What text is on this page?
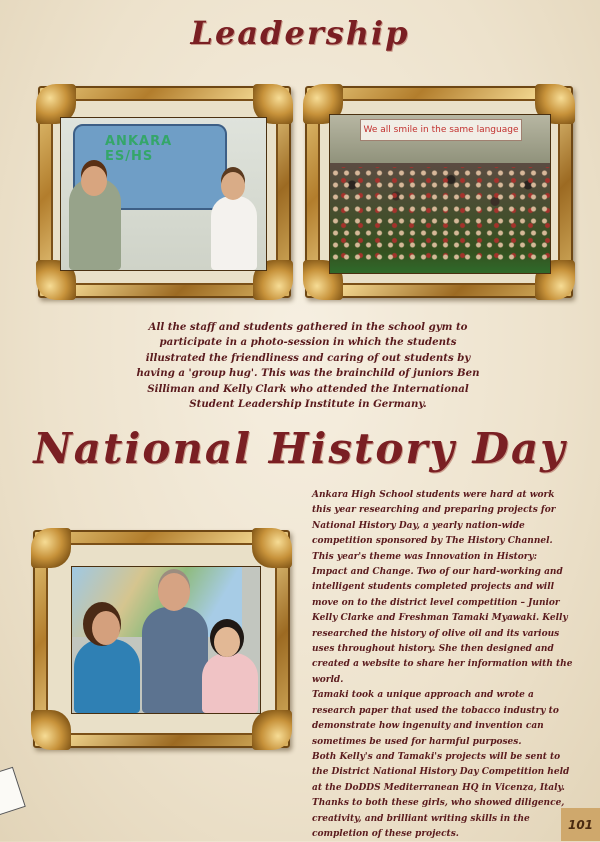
Leadership
ANKARA ES/HS
We all smile in the same language
All the staff and students gathered in the school gym to participate in a photo-session in which the students illustrated the friendliness and caring of out students by having a 'group hug'. This was the brainchild of juniors Ben Silliman and Kelly Clark who attended the International Student Leadership Institute in Germany.
National History Day

Ankara High School students were hard at work this year researching and preparing projects for National History Day, a yearly nation-wide competition sponsored by The History Channel. This year's theme was Innovation in History: Impact and Change. Two of our hard-working and intelligent students completed projects and will move on to the district level competition – Junior Kelly Clarke and Freshman Tamaki Myawaki. Kelly researched the history of olive oil and its various uses throughout history. She then designed and created a website to share her information with the world.

Tamaki took a unique approach and wrote a research paper that used the tobacco industry to demonstrate how ingenuity and invention can sometimes be used for harmful purposes.

Both Kelly's and Tamaki's projects will be sent to the District National History Day Competition held at the DoDDS Mediterranean HQ in Vicenza, Italy. Thanks to both these girls, who showed diligence, creativity, and brilliant writing skills in the completion of these projects.

101
